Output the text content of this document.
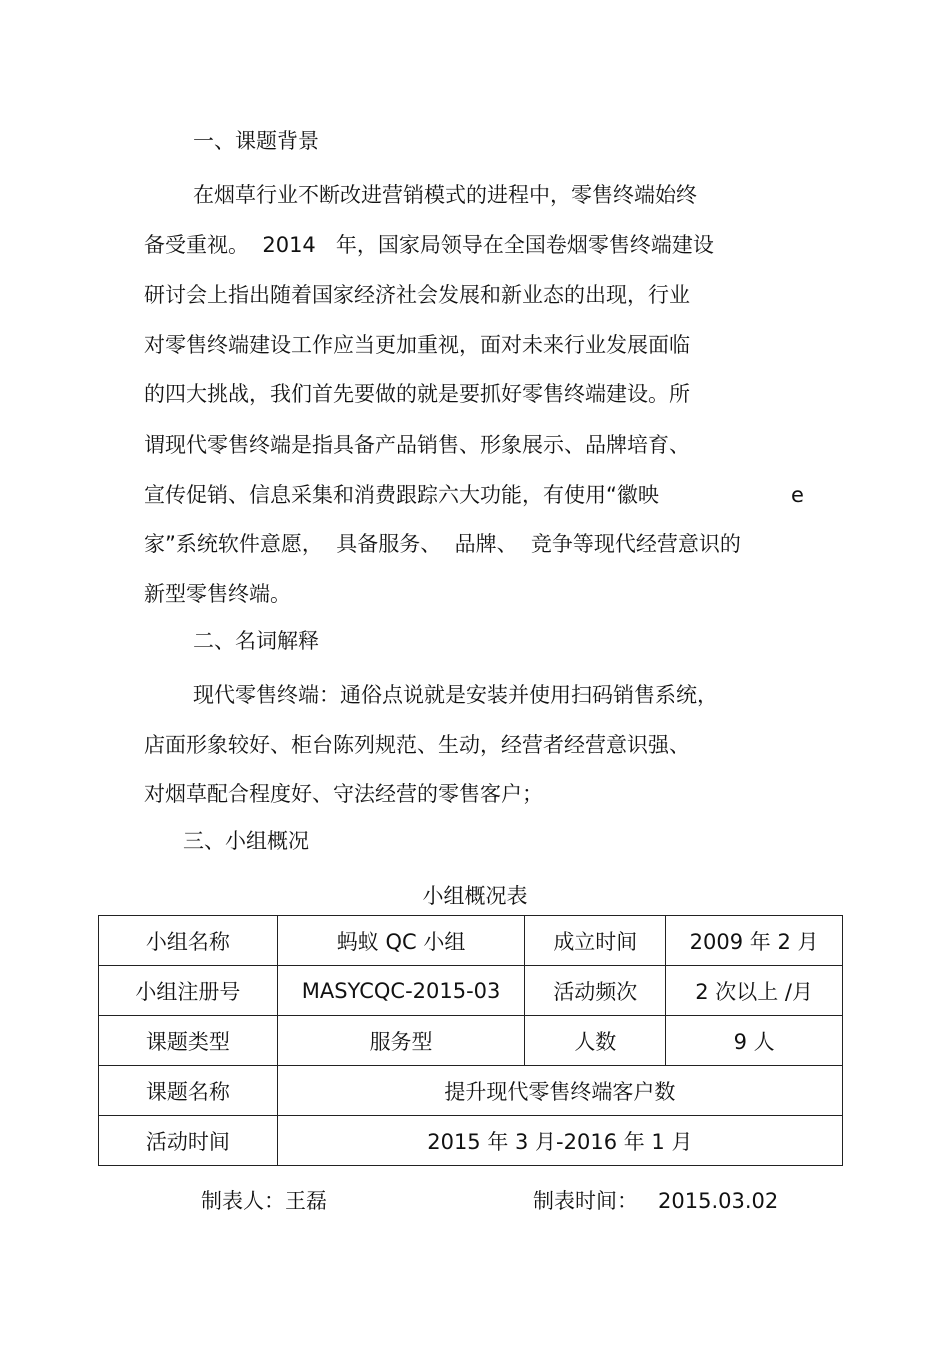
一、课题背景
在烟草行业不断改进营销模式的进程中，零售终端始终
备受重视。  2014   年，国家局领导在全国卷烟零售终端建设
研讨会上指出随着国家经济社会发展和新业态的出现，行业
对零售终端建设工作应当更加重视，面对未来行业发展面临
的四大挑战，我们首先要做的就是要抓好零售终端建设。所
谓现代零售终端是指具备产品销售、形象展示、品牌培育、
宣传促销、信息采集和消费跟踪六大功能，有使用“徽映	e
家”系统软件意愿，  具备服务、  品牌、  竞争等现代经营意识的
新型零售终端。
二、名词解释
现代零售终端：通俗点说就是安装并使用扫码销售系统，
店面形象较好、柜台陈列规范、生动，经营者经营意识强、
对烟草配合程度好、守法经营的零售客户；
三、小组概况
小组概况表
小组名称	蚂蚁 QC 小组	成立时间	2009 年 2 月
小组注册号	MASYCQC-2015-03	活动频次	2 次以上 /月
课题类型	服务型	人数	9 人
课题名称	提升现代零售终端客户数		
活动时间	2015 年 3 月-2016 年 1 月		
制表人：王磊	制表时间：   2015.03.02
